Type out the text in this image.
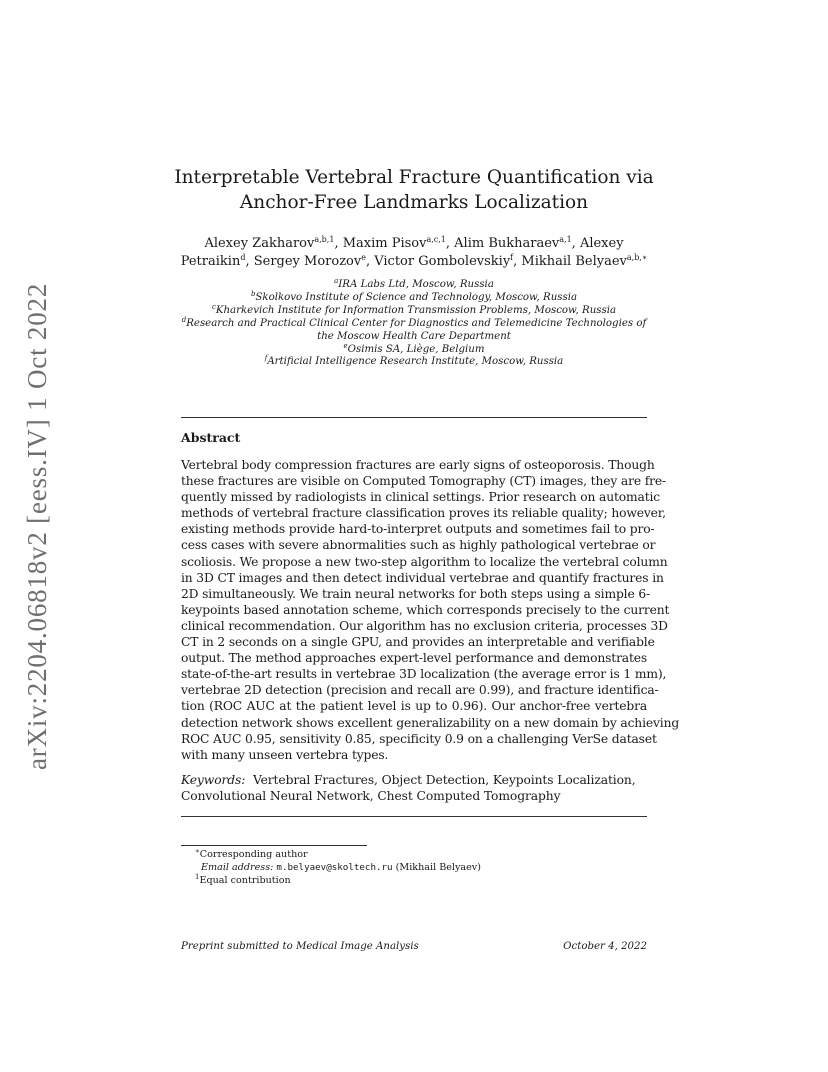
arXiv:2204.06818v2 [eess.IV] 1 Oct 2022
Interpretable Vertebral Fracture Quantification via
Anchor-Free Landmarks Localization
Alexey Zakharov$^{a,b,1}$, Maxim Pisov$^{a,c,1}$, Alim Bukharaev$^{a,1}$, Alexey
Petraikin$^d$, Sergey Morozov$^e$, Victor Gombolevskiy$^f$, Mikhail Belyaev$^{a,b,∗}$
$^a$IRA Labs Ltd, Moscow, Russia
$^b$Skolkovo Institute of Science and Technology, Moscow, Russia
$^c$Kharkevich Institute for Information Transmission Problems, Moscow, Russia
$^d$Research and Practical Clinical Center for Diagnostics and Telemedicine Technologies of
the Moscow Health Care Department
$^e$Osimis SA, Liège, Belgium
$^f$Artificial Intelligence Research Institute, Moscow, Russia
Abstract
Vertebral body compression fractures are early signs of osteoporosis. Though
these fractures are visible on Computed Tomography (CT) images, they are fre-
quently missed by radiologists in clinical settings. Prior research on automatic
methods of vertebral fracture classification proves its reliable quality; however,
existing methods provide hard-to-interpret outputs and sometimes fail to pro-
cess cases with severe abnormalities such as highly pathological vertebrae or
scoliosis. We propose a new two-step algorithm to localize the vertebral column
in 3D CT images and then detect individual vertebrae and quantify fractures in
2D simultaneously. We train neural networks for both steps using a simple 6-
keypoints based annotation scheme, which corresponds precisely to the current
clinical recommendation. Our algorithm has no exclusion criteria, processes 3D
CT in 2 seconds on a single GPU, and provides an interpretable and verifiable
output. The method approaches expert-level performance and demonstrates
state-of-the-art results in vertebrae 3D localization (the average error is 1 mm),
vertebrae 2D detection (precision and recall are 0.99), and fracture identifica-
tion (ROC AUC at the patient level is up to 0.96). Our anchor-free vertebra
detection network shows excellent generalizability on a new domain by achieving
ROC AUC 0.95, sensitivity 0.85, specificity 0.9 on a challenging VerSe dataset
with many unseen vertebra types.
Keywords: Vertebral Fractures, Object Detection, Keypoints Localization,
Convolutional Neural Network, Chest Computed Tomography
∗Corresponding author
Email address: m.belyaev@skoltech.ru (Mikhail Belyaev)
$^1$Equal contribution
Preprint submitted to Medical Image Analysis	October 4, 2022
